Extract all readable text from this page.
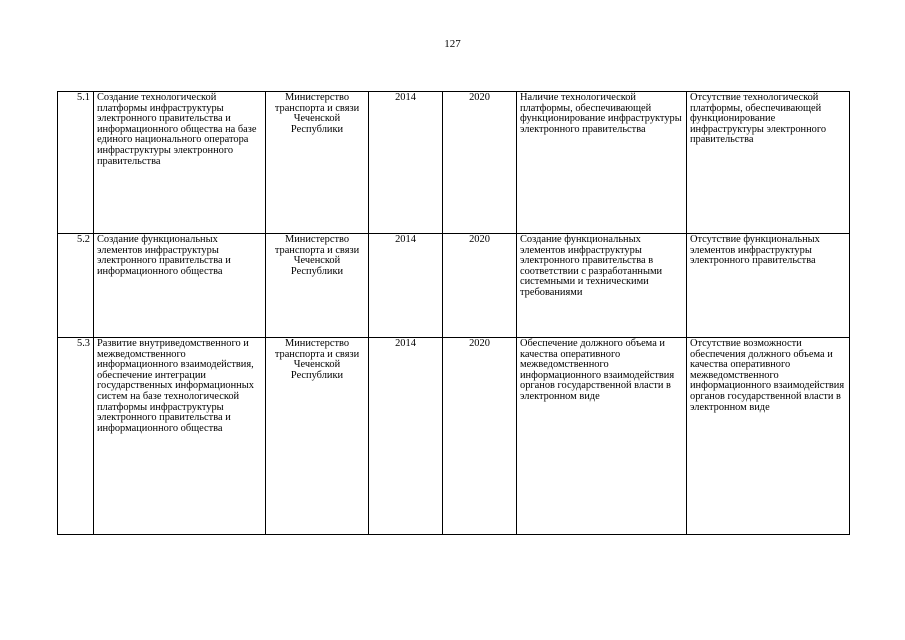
127
5.1	Создание технологической платформы инфраструктуры электронного правительства и информационного общества на базе единого национального оператора инфраструктуры электронного правительства	Министерство транспорта и связи Чеченской Республики	2014	2020	Наличие технологической платформы, обеспечивающей функционирование инфраструктуры электронного правительства	Отсутствие технологической платформы, обеспечивающей функционирование инфраструктуры электронного правительства
5.2	Создание функциональных элементов инфраструктуры электронного правительства и информационного общества	Министерство транспорта и связи Чеченской Республики	2014	2020	Создание функциональных элементов инфраструктуры электронного правительства в соответствии с разработанными системными и техническими требованиями	Отсутствие функциональных элементов инфраструктуры электронного правительства
5.3	Развитие внутриведомственного и межведомственного информационного взаимодействия, обеспечение интеграции государственных информационных систем на базе технологической платформы инфраструктуры электронного правительства и информационного общества	Министерство транспорта и связи Чеченской Республики	2014	2020	Обеспечение должного объема и качества оперативного межведомственного информационного взаимодействия органов государственной власти в электронном виде	Отсутствие возможности обеспечения должного объема и качества оперативного межведомственного информационного взаимодействия органов государственной власти в электронном виде
